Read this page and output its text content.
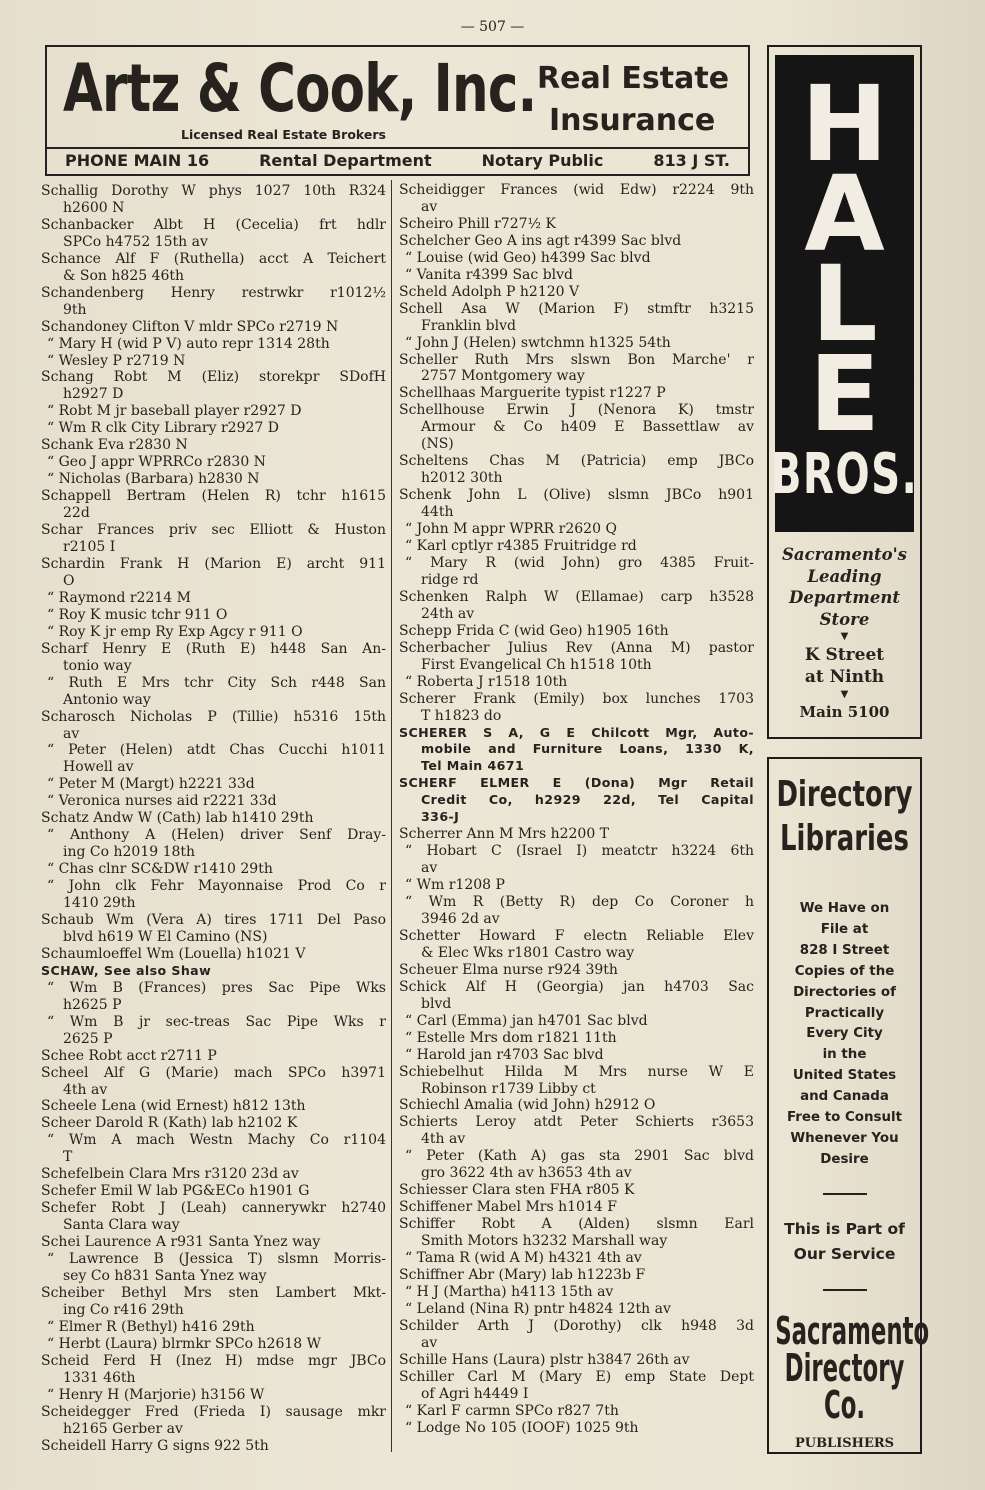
— 507 —
Artz & Cook, Inc.
Licensed Real Estate Brokers
Real Estate
Insurance
PHONE MAIN 16	Rental Department	Notary Public	813 J ST.
Schallig Dorothy W phys 1027 10th R324
h2600 N
Schanbacker Albt H (Cecelia) frt hdlr
SPCo h4752 15th av
Schance Alf F (Ruthella) acct A Teichert
& Son h825 46th
Schandenberg Henry restrwkr r1012½
9th
Schandoney Clifton V mldr SPCo r2719 N
“ Mary H (wid P V) auto repr 1314 28th
“ Wesley P r2719 N
Schang Robt M (Eliz) storekpr SDofH
h2927 D
“ Robt M jr baseball player r2927 D
“ Wm R clk City Library r2927 D
Schank Eva r2830 N
“ Geo J appr WPRRCo r2830 N
“ Nicholas (Barbara) h2830 N
Schappell Bertram (Helen R) tchr h1615
22d
Schar Frances priv sec Elliott & Huston
r2105 I
Schardin Frank H (Marion E) archt 911
O
“ Raymond r2214 M
“ Roy K music tchr 911 O
“ Roy K jr emp Ry Exp Agcy r 911 O
Scharf Henry E (Ruth E) h448 San An-
tonio way
“ Ruth E Mrs tchr City Sch r448 San
Antonio way
Scharosch Nicholas P (Tillie) h5316 15th
av
“ Peter (Helen) atdt Chas Cucchi h1011
Howell av
“ Peter M (Margt) h2221 33d
“ Veronica nurses aid r2221 33d
Schatz Andw W (Cath) lab h1410 29th
“ Anthony A (Helen) driver Senf Dray-
ing Co h2019 18th
“ Chas clnr SC&DW r1410 29th
“ John clk Fehr Mayonnaise Prod Co r
1410 29th
Schaub Wm (Vera A) tires 1711 Del Paso
blvd h619 W El Camino (NS)
Schaumloeffel Wm (Louella) h1021 V
SCHAW, See also Shaw
“ Wm B (Frances) pres Sac Pipe Wks
h2625 P
“ Wm B jr sec-treas Sac Pipe Wks r
2625 P
Schee Robt acct r2711 P
Scheel Alf G (Marie) mach SPCo h3971
4th av
Scheele Lena (wid Ernest) h812 13th
Scheer Darold R (Kath) lab h2102 K
“ Wm A mach Westn Machy Co r1104
T
Schefelbein Clara Mrs r3120 23d av
Schefer Emil W lab PG&ECo h1901 G
Schefer Robt J (Leah) cannerywkr h2740
Santa Clara way
Schei Laurence A r931 Santa Ynez way
“ Lawrence B (Jessica T) slsmn Morris-
sey Co h831 Santa Ynez way
Scheiber Bethyl Mrs sten Lambert Mkt-
ing Co r416 29th
“ Elmer R (Bethyl) h416 29th
“ Herbt (Laura) blrmkr SPCo h2618 W
Scheid Ferd H (Inez H) mdse mgr JBCo
1331 46th
“ Henry H (Marjorie) h3156 W
Scheidegger Fred (Frieda I) sausage mkr
h2165 Gerber av
Scheidell Harry G signs 922 5th
Scheidigger Frances (wid Edw) r2224 9th
av
Scheiro Phill r727½ K
Schelcher Geo A ins agt r4399 Sac blvd
“ Louise (wid Geo) h4399 Sac blvd
“ Vanita r4399 Sac blvd
Scheld Adolph P h2120 V
Schell Asa W (Marion F) stmftr h3215
Franklin blvd
“ John J (Helen) swtchmn h1325 54th
Scheller Ruth Mrs slswn Bon Marche' r
2757 Montgomery way
Schellhaas Marguerite typist r1227 P
Schellhouse Erwin J (Nenora K) tmstr
Armour & Co h409 E Bassettlaw av
(NS)
Scheltens Chas M (Patricia) emp JBCo
h2012 30th
Schenk John L (Olive) slsmn JBCo h901
44th
“ John M appr WPRR r2620 Q
“ Karl cptlyr r4385 Fruitridge rd
“ Mary R (wid John) gro 4385 Fruit-
ridge rd
Schenken Ralph W (Ellamae) carp h3528
24th av
Schepp Frida C (wid Geo) h1905 16th
Scherbacher Julius Rev (Anna M) pastor
First Evangelical Ch h1518 10th
“ Roberta J r1518 10th
Scherer Frank (Emily) box lunches 1703
T h1823 do
SCHERER S A, G E Chilcott Mgr, Auto-
mobile and Furniture Loans, 1330 K,
Tel Main 4671
SCHERF ELMER E (Dona) Mgr Retail
Credit Co, h2929 22d, Tel Capital
336-J
Scherrer Ann M Mrs h2200 T
“ Hobart C (Israel I) meatctr h3224 6th
av
“ Wm r1208 P
“ Wm R (Betty R) dep Co Coroner h
3946 2d av
Schetter Howard F electn Reliable Elev
& Elec Wks r1801 Castro way
Scheuer Elma nurse r924 39th
Schick Alf H (Georgia) jan h4703 Sac
blvd
“ Carl (Emma) jan h4701 Sac blvd
“ Estelle Mrs dom r1821 11th
“ Harold jan r4703 Sac blvd
Schiebelhut Hilda M Mrs nurse W E
Robinson r1739 Libby ct
Schiechl Amalia (wid John) h2912 O
Schierts Leroy atdt Peter Schierts r3653
4th av
“ Peter (Kath A) gas sta 2901 Sac blvd
gro 3622 4th av h3653 4th av
Schiesser Clara sten FHA r805 K
Schiffener Mabel Mrs h1014 F
Schiffer Robt A (Alden) slsmn Earl
Smith Motors h3232 Marshall way
“ Tama R (wid A M) h4321 4th av
Schiffner Abr (Mary) lab h1223b F
“ H J (Martha) h4113 15th av
“ Leland (Nina R) pntr h4824 12th av
Schilder Arth J (Dorothy) clk h948 3d
av
Schille Hans (Laura) plstr h3847 26th av
Schiller Carl M (Mary E) emp State Dept
of Agri h4449 I
“ Karl F carmn SPCo r827 7th
“ Lodge No 105 (IOOF) 1025 9th
H
A
L
E
BROS.
Sacramento's
Leading
Department
Store
▼
K Street
at Ninth
▼
Main 5100
Directory
Libraries
We Have on
File at
828 I Street
Copies of the
Directories of
Practically
Every City
in the
United States
and Canada
Free to Consult
Whenever You
Desire
This is Part of
Our Service
Sacramento
Directory
Co.
PUBLISHERS
